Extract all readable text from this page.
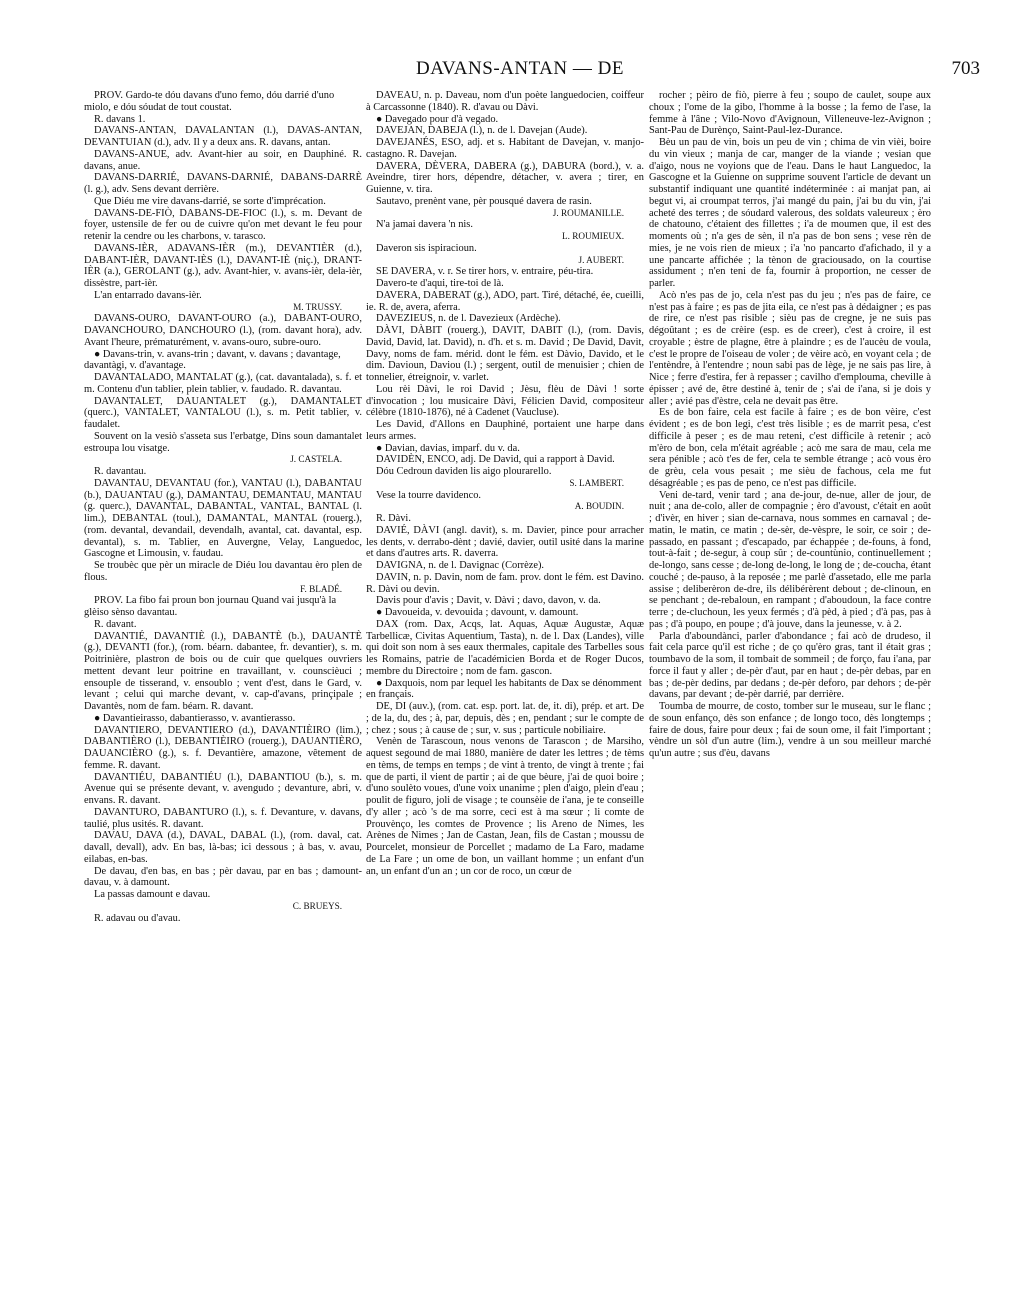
DAVANS-ANTAN — DE	703

PROV. Gardo-te dóu davans d'uno femo, dóu darrié d'uno miolo, e dóu sóudat de tout coustat.

R. davans 1.

DAVANS-ANTAN, DAVALANTAN (l.), DAVAS-ANTAN, DEVANTUIAN (d.), adv. Il y a deux ans. R. davans, antan.

DAVANS-ANUE, adv. Avant-hier au soir, en Dauphiné. R. davans, anue.

DAVANS-DARRIÉ, DAVANS-DARNIÉ, DABANS-DARRÈ (l. g.), adv. Sens devant derrière.

Que Diéu me vire davans-darrié, se sorte d'imprécation.

DAVANS-DE-FIÒ, DABANS-DE-FIOC (l.), s. m. Devant de foyer, ustensile de fer ou de cuivre qu'on met devant le feu pour retenir la cendre ou les charbons, v. tarasco.

DAVANS-IÈR, ADAVANS-IÈR (m.), DEVANTIÈR (d.), DABANT-IÈR, DAVANT-IÈS (l.), DAVANT-IÈ (niç.), DRANT-IÈR (a.), GEROLANT (g.), adv. Avant-hier, v. avans-ièr, dela-ièr, dissèstre, part-ièr.

L'an entarrado davans-ièr.

M. TRUSSY.

DAVANS-OURO, DAVANT-OURO (a.), DABANT-OURO, DAVANCHOURO, DANCHOURO (l.), (rom. davant hora), adv. Avant l'heure, prématurément, v. avans-ouro, subre-ouro.

● Davans-trin, v. avans-trin ; davant, v. davans ; davantage, davantàgi, v. d'avantage.

DAVANTALADO, MANTALAT (g.), (cat. davantalada), s. f. et m. Contenu d'un tablier, plein tablier, v. faudado. R. davantau.

DAVANTALET, DAUANTALET (g.), DAMANTALET (querc.), VANTALET, VANTALOU (l.), s. m. Petit tablier, v. faudalet.

Souvent on la vesiò s'asseta sus l'erbatge, Dins soun damantalet estroupa lou visatge.

J. CASTELA.

R. davantau.

DAVANTAU, DEVANTAU (for.), VANTAU (l.), DABANTAU (b.), DAUANTAU (g.), DAMANTAU, DEMANTAU, MANTAU (g. querc.), DAVANTAL, DABANTAL, VANTAL, BANTAL (l. lim.), DEBANTAL (toul.), DAMANTAL, MANTAL (rouerg.), (rom. devantal, devandail, devendalh, avantal, cat. davantal, esp. devantal), s. m. Tablier, en Auvergne, Velay, Languedoc, Gascogne et Limousin, v. faudau.

Se troubèc que pèr un miracle de Diéu lou davantau èro plen de flous.

F. BLADÉ.

PROV. La fibo fai proun bon journau Quand vai jusqu'à la glèiso sènso davantau.

R. davant.

DAVANTIÉ, DAVANTIÈ (l.), DABANTÈ (b.), DAUANTÈ (g.), DEVANTI (for.), (rom. béarn. dabantee, fr. devantier), s. m. Poitrinière, plastron de bois ou de cuir que quelques ouvriers mettent devant leur poitrine en travaillant, v. counscièuci ; ensouple de tisserand, v. ensoublo ; vent d'est, dans le Gard, v. levant ; celui qui marche devant, v. cap-d'avans, prinçipale ; Davantès, nom de fam. béarn. R. davant.

● Davantieirasso, dabantierasso, v. avantierasso.

DAVANTIERO, DEVANTIERO (d.), DAVANTIÈIRO (lim.), DABANTIÈRO (l.), DEBANTIÈIRO (rouerg.), DAUANTIÈRO, DAUANCIÈRO (g.), s. f. Devantière, amazone, vêtement de femme. R. davant.

DAVANTIÉU, DABANTIÉU (l.), DABANTIOU (b.), s. m. Avenue qui se présente devant, v. avengudo ; devanture, abri, v. envans. R. davant.

DAVANTURO, DABANTURO (l.), s. f. Devanture, v. davans, taulié, plus usités. R. davant.

DAVAU, DAVA (d.), DAVAL, DABAL (l.), (rom. daval, cat. davall, devall), adv. En bas, là-bas; ici dessous ; à bas, v. avau, eilabas, en-bas.

De davau, d'en bas, en bas ; pèr davau, par en bas ; damount-davau, v. à damount.

La passas damount e davau.

C. BRUEYS.

R. adavau ou d'avau.

DAVEAU, n. p. Daveau, nom d'un poète languedocien, coiffeur à Carcassonne (1840). R. d'avau ou Dàvi.

● Davegado pour d'à vegado.

DAVEJAN, DABEJA (l.), n. de l. Davejan (Aude).

DAVEJANÉS, ESO, adj. et s. Habitant de Davejan, v. manjo-castagno. R. Davejan.

DAVERA, DÈVERA, DABERA (g.), DABURA (bord.), v. a. Aveindre, tirer hors, dépendre, détacher, v. avera ; tirer, en Guienne, v. tira.

Sautavo, prenènt vane, pèr pousqué davera de rasin.

J. ROUMANILLE.

N'a jamai davera 'n nis.

L. ROUMIEUX.

Daveron sis ispiracioun.

J. AUBERT.

SE DAVERA, v. r. Se tirer hors, v. entraire, péu-tira.

Davero-te d'aqui, tire-toi de là.

DAVERA, DABERAT (g.), ADO, part. Tiré, détaché, ée, cueilli, ie. R. de, avera, aferra.

DAVEZIEUS, n. de l. Davezieux (Ardèche).

DÀVI, DÀBIT (rouerg.), DAVIT, DABIT (l.), (rom. Davis, David, David, lat. David), n. d'h. et s. m. David ; De David, Davit, Davy, noms de fam. mérid. dont le fém. est Dàvio, Davido, et le dim. Davioun, Daviou (l.) ; sergent, outil de menuisier ; chien de tonnelier, étreignoir, v. varlet.

Lou rèi Dàvi, le roi David ; Jèsu, flèu de Dàvi ! sorte d'invocation ; lou musicaire Dàvi, Félicien David, compositeur célèbre (1810-1876), né à Cadenet (Vaucluse).

Les David, d'Allons en Dauphiné, portaient une harpe dans leurs armes.

● Davian, davias, imparf. du v. da.

DAVIDÈN, ENCO, adj. De David, qui a rapport à David.

Dóu Cedroun daviden lis aigo plourarello.

S. LAMBERT.

Vese la tourre davidenco.

A. BOUDIN.

R. Dàvi.

DAVIÉ, DÀVI (angl. davit), s. m. Davier, pince pour arracher les dents, v. derrabo-dènt ; davié, davier, outil usité dans la marine et dans d'autres arts. R. daverra.

DAVIGNA, n. de l. Davignac (Corrèze).

DAVIN, n. p. Davin, nom de fam. prov. dont le fém. est Davino. R. Dàvi ou devin.

Davis pour d'avis ; Davit, v. Dàvi ; davo, davon, v. da.

● Davoueida, v. devouida ; davount, v. damount.

DAX (rom. Dax, Acqs, lat. Aquas, Aquæ Augustæ, Aquæ Tarbellicæ, Civitas Aquentium, Tasta), n. de l. Dax (Landes), ville qui doit son nom à ses eaux thermales, capitale des Tarbelles sous les Romains, patrie de l'académicien Borda et de Roger Ducos, membre du Directoire ; nom de fam. gascon.

● Daxquois, nom par lequel les habitants de Dax se dénomment en français.

DE, DI (auv.), (rom. cat. esp. port. lat. de, it. di), prép. et art. De ; de la, du, des ; à, par, depuis, dès ; en, pendant ; sur le compte de ; chez ; sous ; à cause de ; sur, v. sus ; particule nobiliaire.

Venèn de Tarascoun, nous venons de Tarascon ; de Marsiho, aquest segound de mai 1880, manière de dater les lettres ; de tèms en tèms, de temps en temps ; de vint à trento, de vingt à trente ; fai que de parti, il vient de partir ; ai de que bèure, j'ai de quoi boire ; d'uno soulèto voues, d'une voix unanime ; plen d'aigo, plein d'eau ; poulit de figuro, joli de visage ; te counsèie de i'ana, je te conseille d'y aller ; acò 's de ma sorre, ceci est à ma sœur ; li comte de Prouvènço, les comtes de Provence ; lis Areno de Nimes, les Arènes de Nimes ; Jan de Castan, Jean, fils de Castan ; moussu de Pourcelet, monsieur de Porcellet ; madamo de La Faro, madame de La Fare ; un ome de bon, un vaillant homme ; un enfant d'un an, un enfant d'un an ; un cor de roco, un cœur de

rocher ; pèiro de fiò, pierre à feu ; soupo de caulet, soupe aux choux ; l'ome de la gibo, l'homme à la bosse ; la femo de l'ase, la femme à l'âne ; Vilo-Novo d'Avignoun, Villeneuve-lez-Avignon ; Sant-Pau de Durènço, Saint-Paul-lez-Durance.

Bèu un pau de vin, bois un peu de vin ; chima de vin vièi, boire du vin vieux ; manja de car, manger de la viande ; vesian que d'aigo, nous ne voyions que de l'eau. Dans le haut Languedoc, la Gascogne et la Guienne on supprime souvent l'article de devant un substantif indiquant une quantité indéterminée : ai manjat pan, ai begut vi, ai croumpat terros, j'ai mangé du pain, j'ai bu du vin, j'ai acheté des terres ; de sóudard valerous, des soldats valeureux ; èro de chatouno, c'étaient des fillettes ; i'a de moumen que, il est des moments où ; n'a ges de sèn, il n'a pas de bon sens ; vese rèn de mies, je ne vois rien de mieux ; i'a 'no pancarto d'afichado, il y a une pancarte affichée ; la tènon de graciousado, on la courtise assidument ; n'en teni de fa, fournir à proportion, ne cesser de parler.

Acò n'es pas de jo, cela n'est pas du jeu ; n'es pas de faire, ce n'est pas à faire ; es pas de jita eila, ce n'est pas à dédaigner ; es pas de rire, ce n'est pas risible ; sièu pas de cregne, je ne suis pas dégoûtant ; es de crèire (esp. es de creer), c'est à croire, il est croyable ; èstre de plagne, être à plaindre ; es de l'aucèu de voula, c'est le propre de l'oiseau de voler ; de vèire acò, en voyant cela ; de l'entèndre, à l'entendre ; noun sabi pas de lège, je ne sais pas lire, à Nice ; ferre d'estira, fer à repasser ; cavilho d'emplouma, cheville à épisser ; avé de, être destiné à, tenir de ; s'ai de i'ana, si je dois y aller ; avié pas d'èstre, cela ne devait pas être.

Es de bon faire, cela est facile à faire ; es de bon vèire, c'est évident ; es de bon legi, c'est très lisible ; es de marrit pesa, c'est difficile à peser ; es de mau reteni, c'est difficile à retenir ; acò m'èro de bon, cela m'était agréable ; acò me sara de mau, cela me sera pénible ; acò t'es de fer, cela te semble étrange ; acò vous èro de grèu, cela vous pesait ; me sièu de fachous, cela me fut désagréable ; es pas de peno, ce n'est pas difficile.

Veni de-tard, venir tard ; ana de-jour, de-nue, aller de jour, de nuit ; ana de-colo, aller de compagnie ; èro d'avoust, c'était en août ; d'ivèr, en hiver ; sian de-carnava, nous sommes en carnaval ; de-matin, le matin, ce matin ; de-sèr, de-vèspre, le soir, ce soir ; de-passado, en passant ; d'escapado, par échappée ; de-founs, à fond, tout-à-fait ; de-segur, à coup sûr ; de-countùnio, continuellement ; de-longo, sans cesse ; de-long de-long, le long de ; de-coucha, étant couché ; de-pauso, à la reposée ; me parlè d'assetado, elle me parla assise ; deliberèron de-dre, ils délibérèrent debout ; de-clinoun, en se penchant ; de-rebaloun, en rampant ; d'aboudoun, la face contre terre ; de-cluchoun, les yeux fermés ; d'à pèd, à pied ; d'à pas, pas à pas ; d'à poupo, en poupe ; d'à jouve, dans la jeunesse, v. à 2.

Parla d'aboundànci, parler d'abondance ; fai acò de drudeso, il fait cela parce qu'il est riche ; de ço qu'èro gras, tant il était gras ; toumbavo de la som, il tombait de sommeil ; de forço, fau i'ana, par force il faut y aller ; de-pèr d'aut, par en haut ; de-pèr debas, par en bas ; de-pèr dedins, par dedans ; de-pèr deforo, par dehors ; de-pèr davans, par devant ; de-pèr darrié, par derrière.

Toumba de mourre, de costo, tomber sur le museau, sur le flanc ; de soun enfanço, dès son enfance ; de longo toco, dès longtemps ; faire de dous, faire pour deux ; fai de soun ome, il fait l'important ; vèndre un sòl d'un autre (lim.), vendre à un sou meilleur marché qu'un autre ; sus d'èu, davans
